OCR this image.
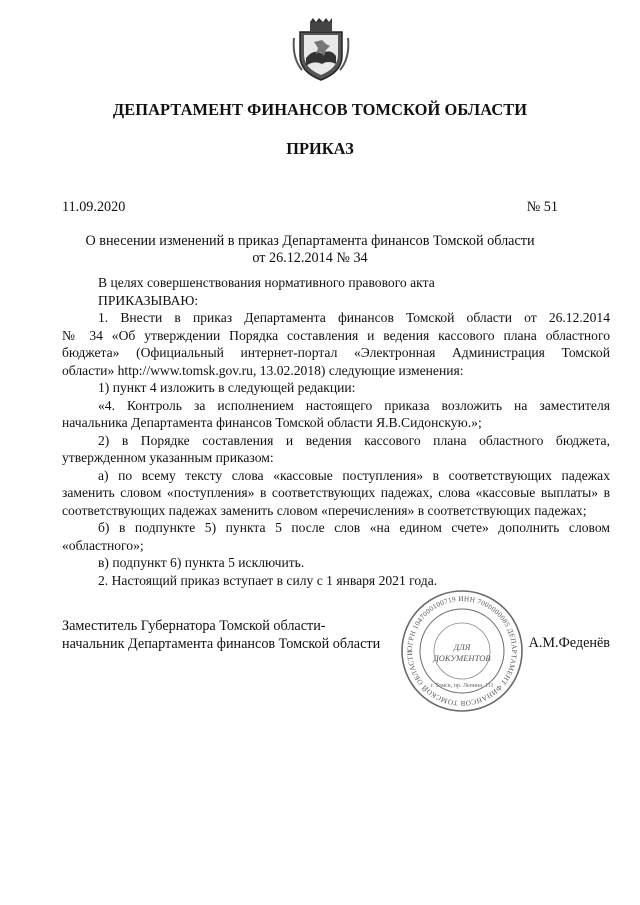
ДЕПАРТАМЕНТ ФИНАНСОВ ТОМСКОЙ ОБЛАСТИ
ПРИКАЗ
11.09.2020	№ 51
О внесении изменений в приказ Департамента финансов Томской области
от 26.12.2014 № 34
В целях совершенствования нормативного правового акта
ПРИКАЗЫВАЮ:
1. Внести в приказ Департамента финансов Томской области от 26.12.2014
№ 34 «Об утверждении Порядка составления и ведения кассового плана областного
бюджета» (Официальный интернет-портал «Электронная Администрация Томской
области» http://www.tomsk.gov.ru, 13.02.2018) следующие изменения:
1) пункт 4 изложить в следующей редакции:
«4. Контроль за исполнением настоящего приказа возложить на заместителя
начальника Департамента финансов Томской области Я.В.Сидонскую.»;
2) в Порядке составления и ведения кассового плана областного бюджета,
утвержденном указанным приказом:
а) по всему тексту слова «кассовые поступления» в соответствующих падежах
заменить словом «поступления» в соответствующих падежах, слова «кассовые выплаты» в
соответствующих падежах заменить словом «перечисления» в соответствующих падежах;
б) в подпункте 5) пункта 5 после слов «на едином счете» дополнить словом
«областного»;
в) подпункт 6) пункта 5 исключить.
2. Настоящий приказ вступает в силу с 1 января 2021 года.
Заместитель Губернатора Томской области-
начальник Департамента финансов Томской области	ОГРН 1047000100719 ИНН 7000000085 ДЕПАРТАМЕНТ ФИНАНСОВ ТОМСКОЙ ОБЛАСТИ
ДЛЯ
ДОКУМЕНТОВ
г. Томск, пр. Ленина, 111
А.М.Феденёв
